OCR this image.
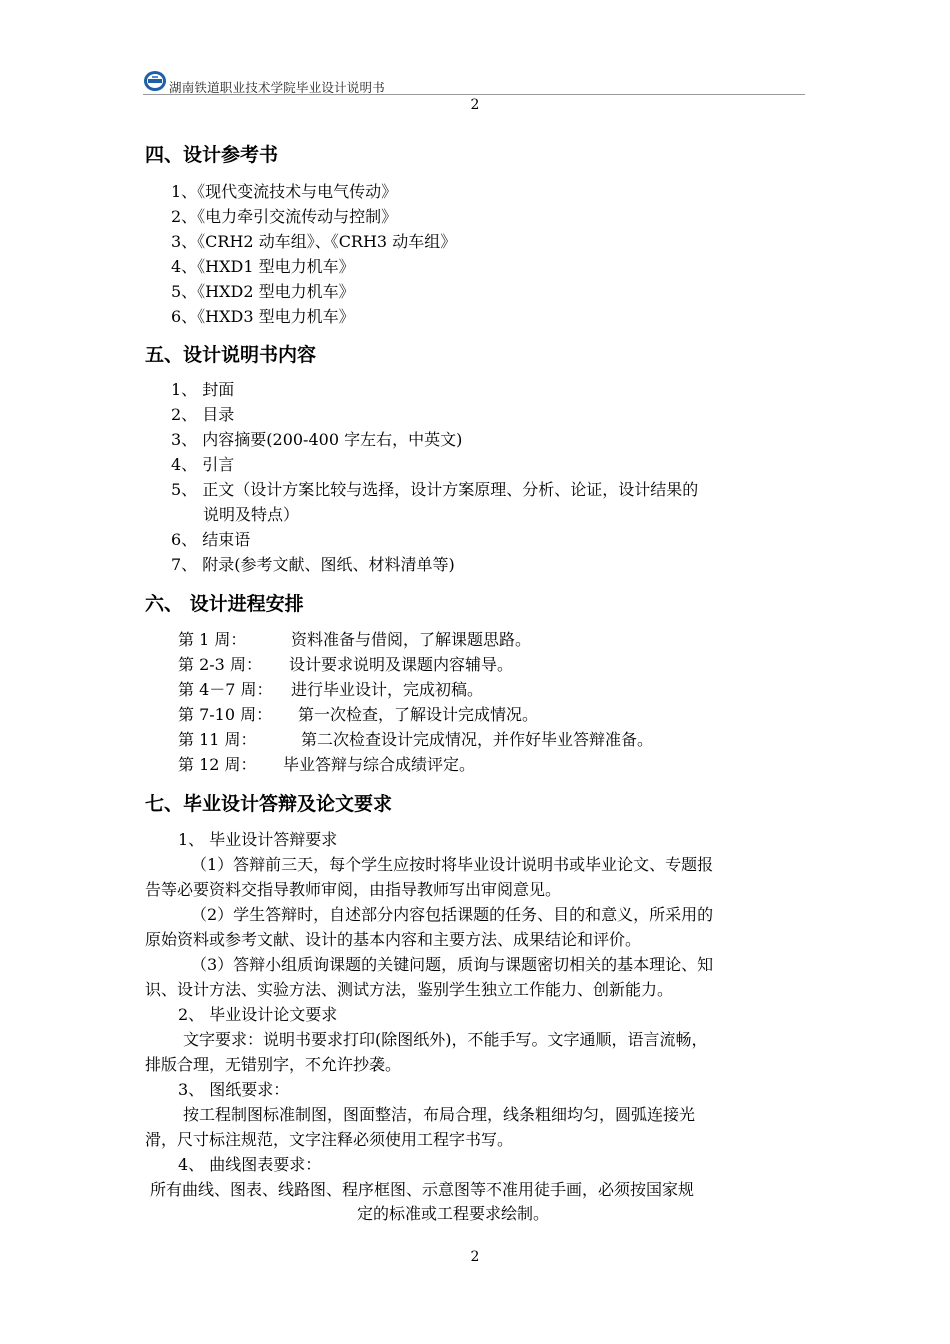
湖南铁道职业技术学院毕业设计说明书
2
四、设计参考书
1、《现代变流技术与电气传动》
2、《电力牵引交流传动与控制》
3、《CRH2 动车组》、《CRH3 动车组》
4、《HXD1 型电力机车》
5、《HXD2 型电力机车》
6、《HXD3 型电力机车》
五、设计说明书内容
1、 封面
2、 目录
3、 内容摘要(200-400 字左右，中英文)
4、 引言
5、 正文（设计方案比较与选择，设计方案原理、分析、论证，设计结果的
说明及特点）
6、 结束语
7、 附录(参考文献、图纸、材料清单等)
六、 设计进程安排
第 1 周：	资料准备与借阅，了解课题思路。
第 2-3 周： 设计要求说明及课题内容辅导。
第 4－7 周： 进行毕业设计，完成初稿。
第 7-10 周： 第一次检查，了解设计完成情况。
第 11 周：	第二次检查设计完成情况，并作好毕业答辩准备。
第 12 周： 毕业答辩与综合成绩评定。
七、毕业设计答辩及论文要求
1、 毕业设计答辩要求
（1）答辩前三天，每个学生应按时将毕业设计说明书或毕业论文、专题报
告等必要资料交指导教师审阅，由指导教师写出审阅意见。
（2）学生答辩时，自述部分内容包括课题的任务、目的和意义，所采用的
原始资料或参考文献、设计的基本内容和主要方法、成果结论和评价。
（3）答辩小组质询课题的关键问题，质询与课题密切相关的基本理论、知
识、设计方法、实验方法、测试方法，鉴别学生独立工作能力、创新能力。
2、 毕业设计论文要求
文字要求：说明书要求打印(除图纸外)，不能手写。文字通顺，语言流畅，
排版合理，无错别字，不允许抄袭。
3、 图纸要求：
按工程制图标准制图，图面整洁，布局合理，线条粗细均匀，圆弧连接光
滑，尺寸标注规范，文字注释必须使用工程字书写。
4、 曲线图表要求：
所有曲线、图表、线路图、程序框图、示意图等不准用徒手画，必须按国家规
定的标准或工程要求绘制。
2
